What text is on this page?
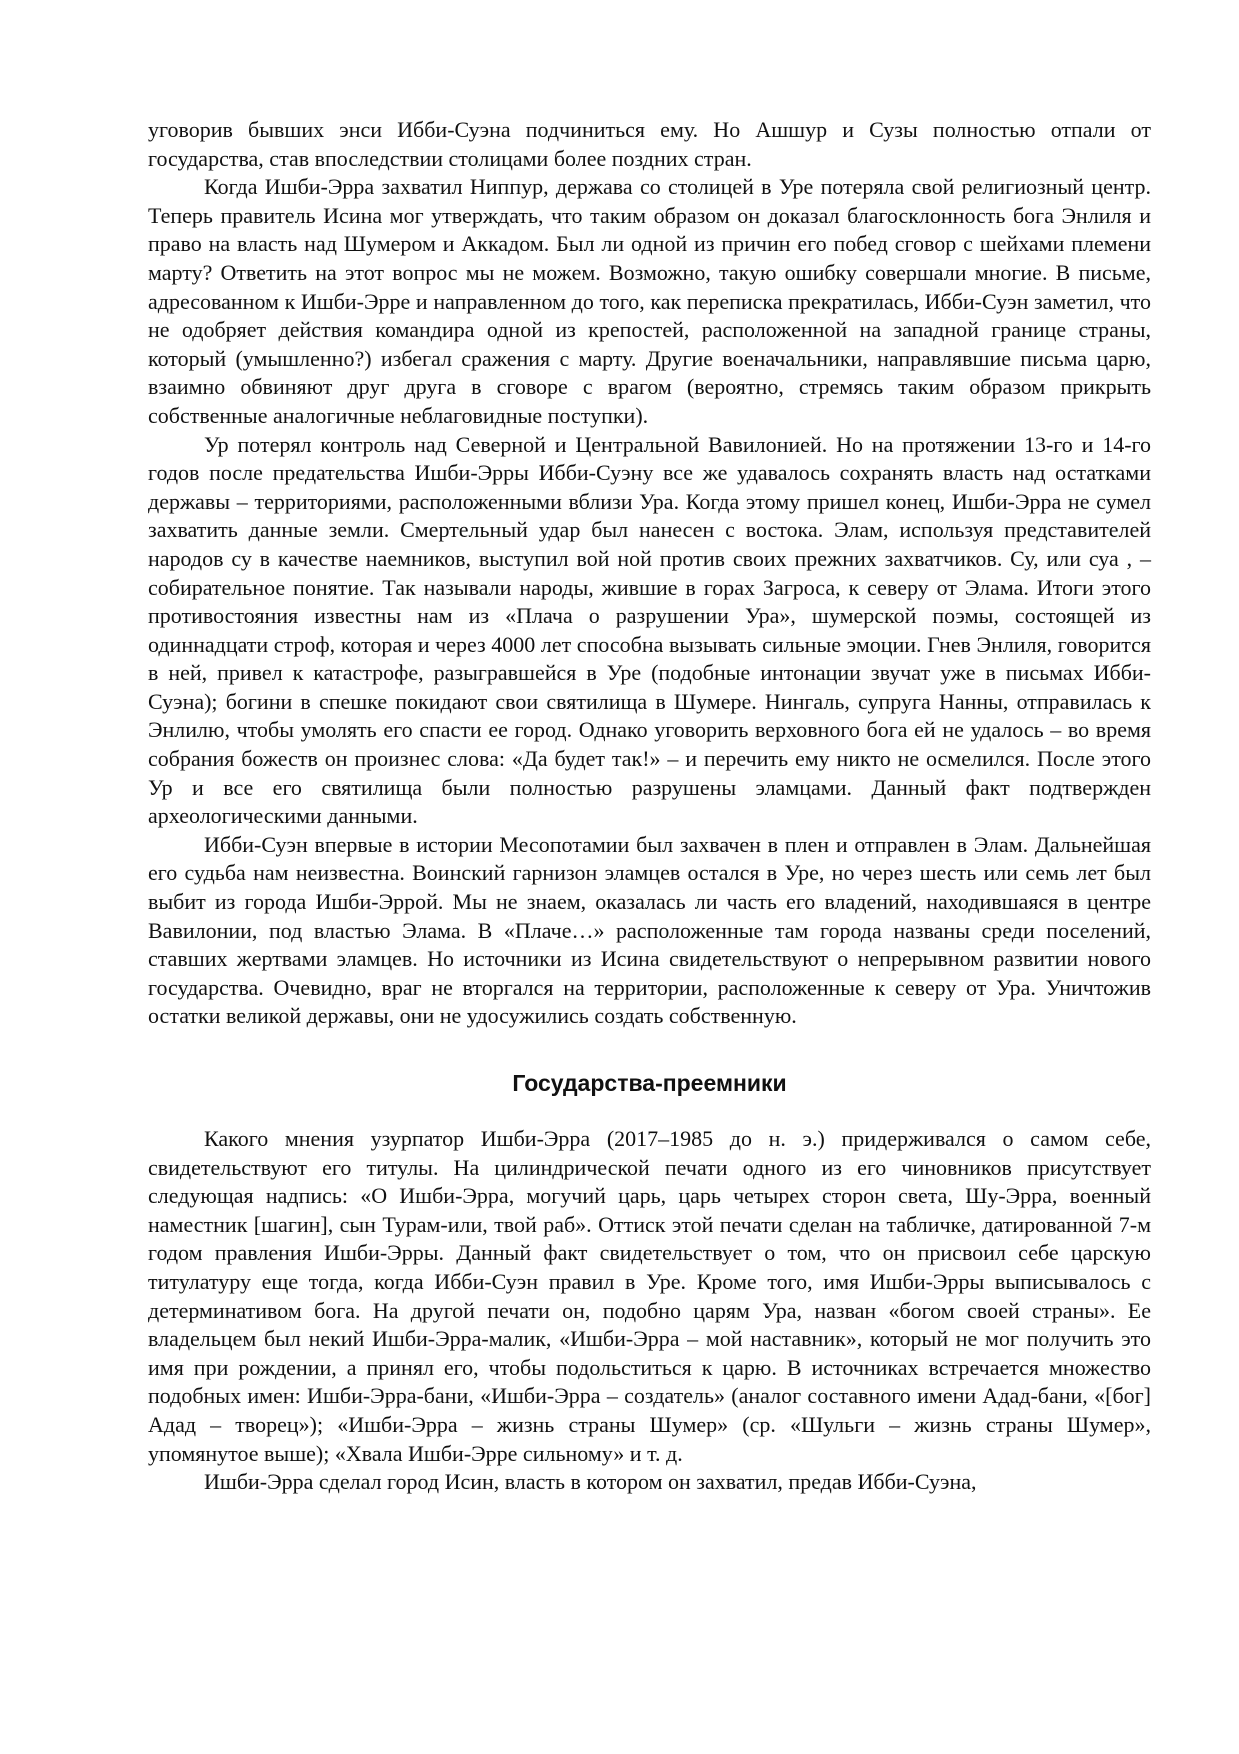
уговорив бывших энси Ибби-Суэна подчиниться ему. Но Ашшур и Сузы полностью отпали от государства, став впоследствии столицами более поздних стран.

Когда Ишби-Эрра захватил Ниппур, держава со столицей в Уре потеряла свой религиозный центр. Теперь правитель Исина мог утверждать, что таким образом он доказал благосклонность бога Энлиля и право на власть над Шумером и Аккадом. Был ли одной из причин его побед сговор с шейхами племени марту? Ответить на этот вопрос мы не можем. Возможно, такую ошибку совершали многие. В письме, адресованном к Ишби-Эрре и направленном до того, как переписка прекратилась, Ибби-Суэн заметил, что не одобряет действия командира одной из крепостей, расположенной на западной границе страны, который (умышленно?) избегал сражения с марту. Другие военачальники, направлявшие письма царю, взаимно обвиняют друг друга в сговоре с врагом (вероятно, стремясь таким образом прикрыть собственные аналогичные неблаговидные поступки).

Ур потерял контроль над Северной и Центральной Вавилонией. Но на протяжении 13-го и 14-го годов после предательства Ишби-Эрры Ибби-Суэну все же удавалось сохранять власть над остатками державы – территориями, расположенными вблизи Ура. Когда этому пришел конец, Ишби-Эрра не сумел захватить данные земли. Смертельный удар был нанесен с востока. Элам, используя представителей народов су в качестве наемников, выступил вой ной против своих прежних захватчиков. Су, или суа , – собирательное понятие. Так называли народы, жившие в горах Загроса, к северу от Элама. Итоги этого противостояния известны нам из «Плача о разрушении Ура», шумерской поэмы, состоящей из одиннадцати строф, которая и через 4000 лет способна вызывать сильные эмоции. Гнев Энлиля, говорится в ней, привел к катастрофе, разыгравшейся в Уре (подобные интонации звучат уже в письмах Ибби-Суэна); богини в спешке покидают свои святилища в Шумере. Нингаль, супруга Нанны, отправилась к Энлилю, чтобы умолять его спасти ее город. Однако уговорить верховного бога ей не удалось – во время собрания божеств он произнес слова: «Да будет так!» – и перечить ему никто не осмелился. После этого Ур и все его святилища были полностью разрушены эламцами. Данный факт подтвержден археологическими данными.

Ибби-Суэн впервые в истории Месопотамии был захвачен в плен и отправлен в Элам. Дальнейшая его судьба нам неизвестна. Воинский гарнизон эламцев остался в Уре, но через шесть или семь лет был выбит из города Ишби-Эррой. Мы не знаем, оказалась ли часть его владений, находившаяся в центре Вавилонии, под властью Элама. В «Плаче…» расположенные там города названы среди поселений, ставших жертвами эламцев. Но источники из Исина свидетельствуют о непрерывном развитии нового государства. Очевидно, враг не вторгался на территории, расположенные к северу от Ура. Уничтожив остатки великой державы, они не удосужились создать собственную.

Государства-преемники

Какого мнения узурпатор Ишби-Эрра (2017–1985 до н. э.) придерживался о самом себе, свидетельствуют его титулы. На цилиндрической печати одного из его чиновников присутствует следующая надпись: «О Ишби-Эрра, могучий царь, царь четырех сторон света, Шу-Эрра, военный наместник [шагин], сын Турам-или, твой раб». Оттиск этой печати сделан на табличке, датированной 7-м годом правления Ишби-Эрры. Данный факт свидетельствует о том, что он присвоил себе царскую титулатуру еще тогда, когда Ибби-Суэн правил в Уре. Кроме того, имя Ишби-Эрры выписывалось с детерминативом бога. На другой печати он, подобно царям Ура, назван «богом своей страны». Ее владельцем был некий Ишби-Эрра-малик, «Ишби-Эрра – мой наставник», который не мог получить это имя при рождении, а принял его, чтобы подольститься к царю. В источниках встречается множество подобных имен: Ишби-Эрра-бани, «Ишби-Эрра – создатель» (аналог составного имени Адад-бани, «[бог] Адад – творец»); «Ишби-Эрра – жизнь страны Шумер» (ср. «Шульги – жизнь страны Шумер», упомянутое выше); «Хвала Ишби-Эрре сильному» и т. д.

Ишби-Эрра сделал город Исин, власть в котором он захватил, предав Ибби-Суэна,
